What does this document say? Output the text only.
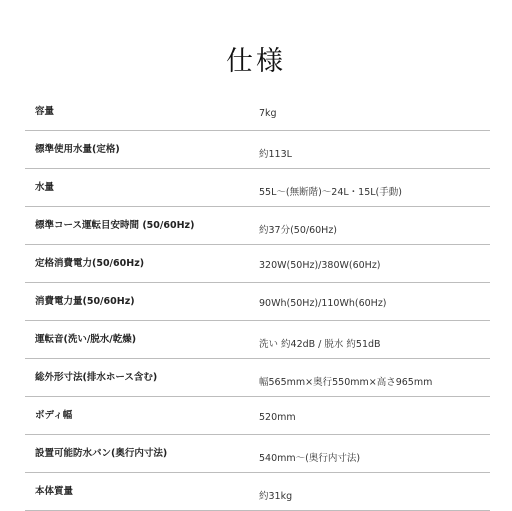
仕様
容量	7kg
標準使用水量(定格)	約113L
水量	55L〜(無断階)〜24L・15L(手動)
標準コース運転目安時間 (50/60Hz)	約37分(50/60Hz)
定格消費電力(50/60Hz)	320W(50Hz)/380W(60Hz)
消費電力量(50/60Hz)	90Wh(50Hz)/110Wh(60Hz)
運転音(洗い/脱水/乾燥)	洗い 約42dB / 脱水 約51dB
総外形寸法(排水ホース含む)	幅565mm×奥行550mm×高さ965mm
ボディ幅	520mm
設置可能防水パン(奥行内寸法)	540mm〜(奥行内寸法)
本体質量	約31kg
